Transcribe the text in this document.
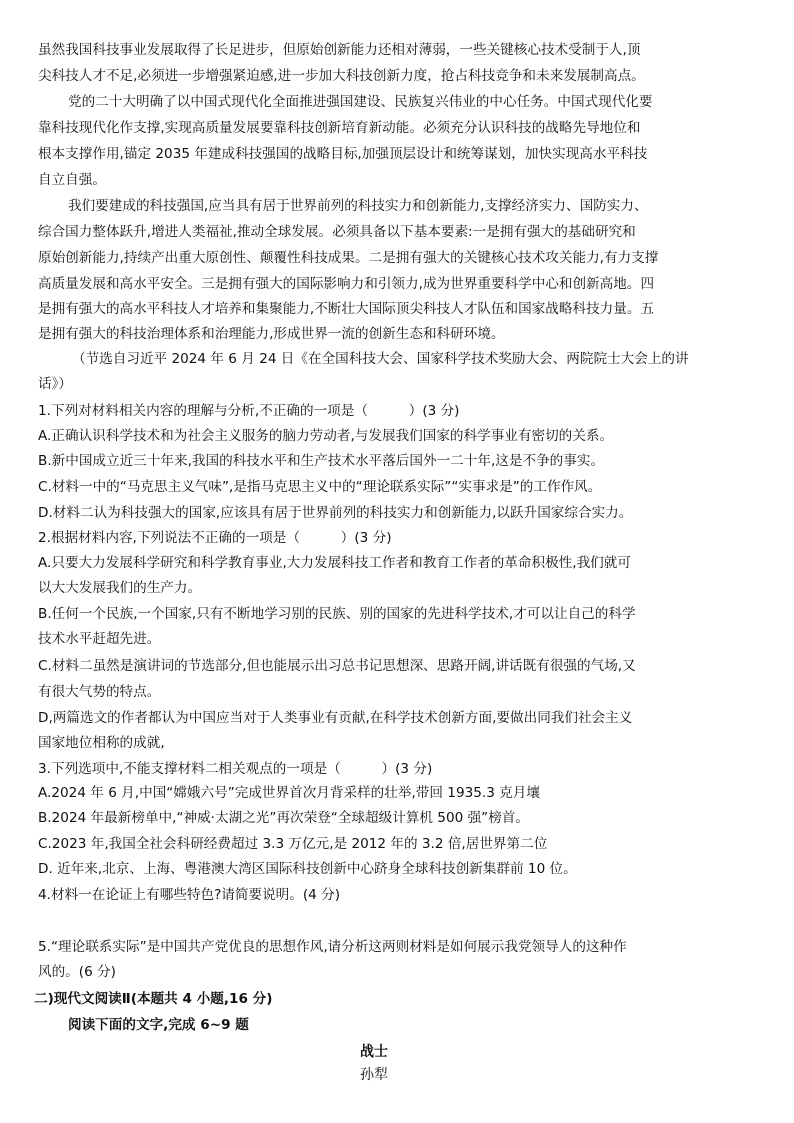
虽然我国科技事业发展取得了长足进步，但原始创新能力还相对薄弱，一些关键核心技术受制于人,顶
尖科技人才不足,必须进一步增强紧迫感,进一步加大科技创新力度，抢占科技竞争和未来发展制高点。
党的二十大明确了以中国式现代化全面推进强国建设、民族复兴伟业的中心任务。中国式现代化要
靠科技现代化作支撑,实现高质量发展要靠科技创新培育新动能。必须充分认识科技的战略先导地位和
根本支撑作用,锚定 2035 年建成科技强国的战略目标,加强顶层设计和统筹谋划，加快实现高水平科技
自立自强。
我们要建成的科技强国,应当具有居于世界前列的科技实力和创新能力,支撑经济实力、国防实力、
综合国力整体跃升,增进人类福祉,推动全球发展。必须具备以下基本要素:一是拥有强大的基础研究和
原始创新能力,持续产出重大原创性、颠覆性科技成果。二是拥有强大的关键核心技术攻关能力,有力支撑
高质量发展和高水平安全。三是拥有强大的国际影响力和引领力,成为世界重要科学中心和创新高地。四
是拥有强大的高水平科技人才培养和集聚能力,不断壮大国际顶尖科技人才队伍和国家战略科技力量。五
是拥有强大的科技治理体系和治理能力,形成世界一流的创新生态和科研环境。
（节选自习近平 2024 年 6 月 24 日《在全国科技大会、国家科学技术奖励大会、两院院士大会上的讲
话》）
1.下列对材料相关内容的理解与分析,不正确的一项是（　　　）(3 分)
A.正确认识科学技术和为社会主义服务的脑力劳动者,与发展我们国家的科学事业有密切的关系。
B.新中国成立近三十年来,我国的科技水平和生产技术水平落后国外一二十年,这是不争的事实。
C.材料一中的“马克思主义气味”,是指马克思主义中的“理论联系实际”“实事求是”的工作作风。
D.材料二认为科技强大的国家,应该具有居于世界前列的科技实力和创新能力,以跃升国家综合实力。
2.根据材料内容,下列说法不正确的一项是（　　　）(3 分)
A.只要大力发展科学研究和科学教育事业,大力发展科技工作者和教育工作者的革命积极性,我们就可
以大大发展我们的生产力。
B.任何一个民族,一个国家,只有不断地学习别的民族、别的国家的先进科学技术,才可以让自己的科学
技术水平赶超先进。
C.材料二虽然是演讲词的节选部分,但也能展示出习总书记思想深、思路开阔,讲话既有很强的气场,又
有很大气势的特点。
D,两篇选文的作者都认为中国应当对于人类事业有贡献,在科学技术创新方面,要做出同我们社会主义
国家地位相称的成就,
3.下列选项中,不能支撑材料二相关观点的一项是（　　　）(3 分)
A.2024 年 6 月,中国“嫦娥六号”完成世界首次月背采样的壮举,带回 1935.3 克月壤
B.2024 年最新榜单中,“神威·太湖之光”再次荣登“全球超级计算机 500 强”榜首。
C.2023 年,我国全社会科研经费超过 3.3 万亿元,是 2012 年的 3.2 倍,居世界第二位
D. 近年来,北京、上海、粤港澳大湾区国际科技创新中心跻身全球科技创新集群前 10 位。
4.材料一在论证上有哪些特色?请简要说明。(4 分)
5.“理论联系实际”是中国共产党优良的思想作风,请分析这两则材料是如何展示我党领导人的这种作
风的。(6 分)
二)现代文阅读Ⅱ(本题共 4 小题,16 分)
阅读下面的文字,完成 6~9 题
战士
孙犁
